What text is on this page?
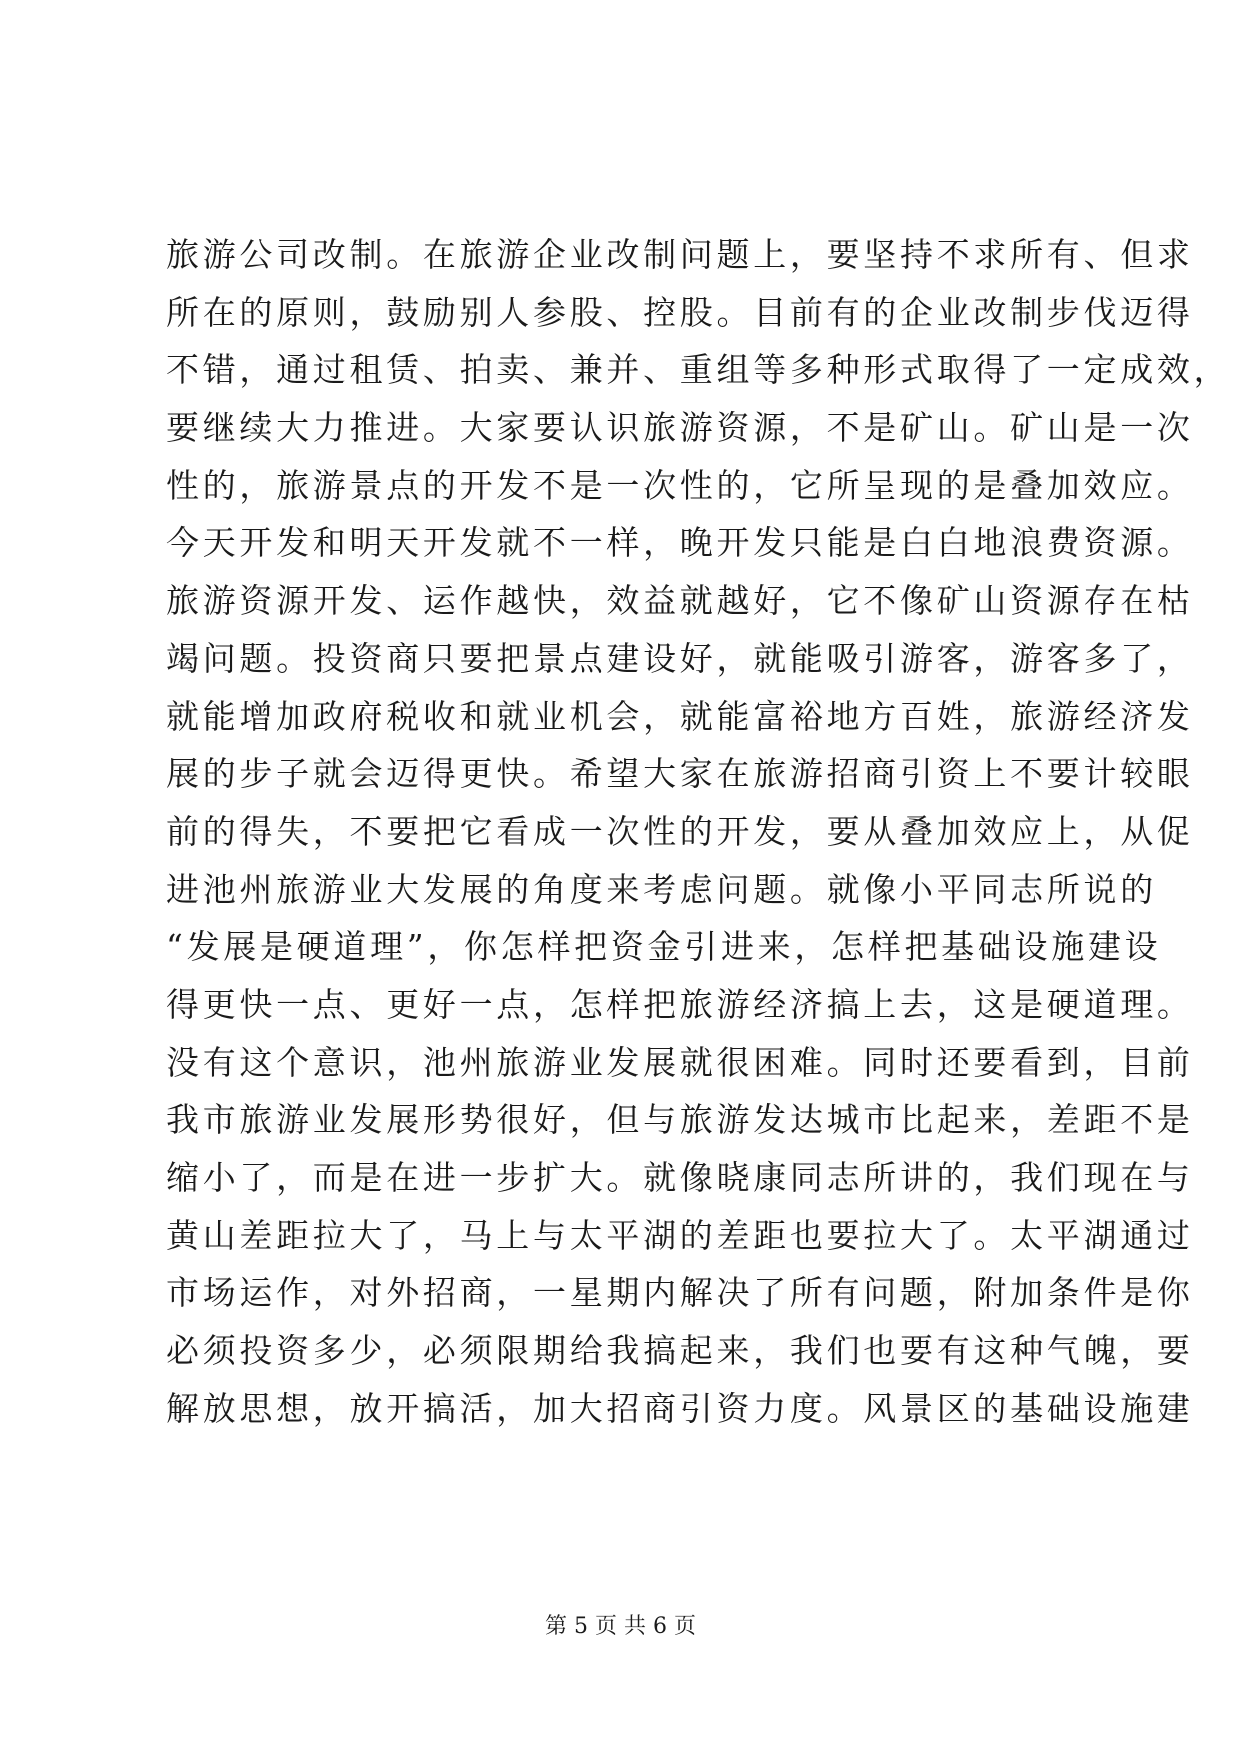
旅游公司改制。在旅游企业改制问题上，要坚持不求所有、但求
所在的原则，鼓励别人参股、控股。目前有的企业改制步伐迈得
不错，通过租赁、拍卖、兼并、重组等多种形式取得了一定成效，
要继续大力推进。大家要认识旅游资源，不是矿山。矿山是一次
性的，旅游景点的开发不是一次性的，它所呈现的是叠加效应。
今天开发和明天开发就不一样，晚开发只能是白白地浪费资源。
旅游资源开发、运作越快，效益就越好，它不像矿山资源存在枯
竭问题。投资商只要把景点建设好，就能吸引游客，游客多了，
就能增加政府税收和就业机会，就能富裕地方百姓，旅游经济发
展的步子就会迈得更快。希望大家在旅游招商引资上不要计较眼
前的得失，不要把它看成一次性的开发，要从叠加效应上，从促
进池州旅游业大发展的角度来考虑问题。就像小平同志所说的
“发展是硬道理”，你怎样把资金引进来，怎样把基础设施建设
得更快一点、更好一点，怎样把旅游经济搞上去，这是硬道理。
没有这个意识，池州旅游业发展就很困难。同时还要看到，目前
我市旅游业发展形势很好，但与旅游发达城市比起来，差距不是
缩小了，而是在进一步扩大。就像晓康同志所讲的，我们现在与
黄山差距拉大了，马上与太平湖的差距也要拉大了。太平湖通过
市场运作，对外招商，一星期内解决了所有问题，附加条件是你
必须投资多少，必须限期给我搞起来，我们也要有这种气魄，要
解放思想，放开搞活，加大招商引资力度。风景区的基础设施建
第 5 页 共 6 页
